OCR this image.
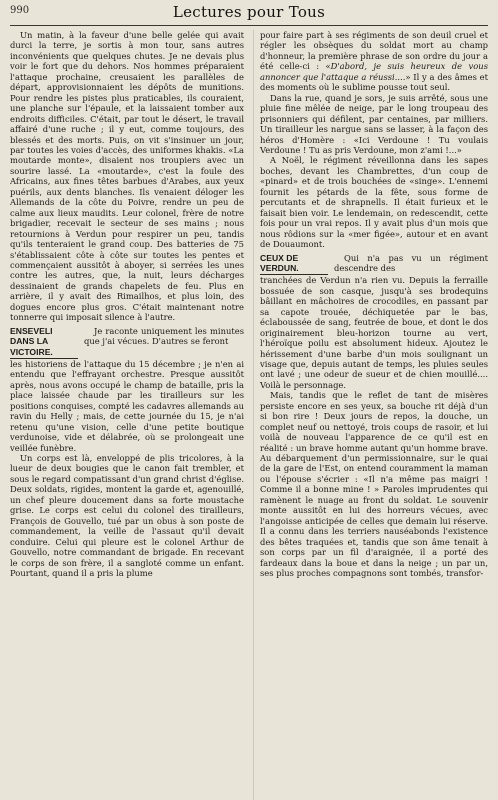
990	Lectures pour Tous

Un matin, à la faveur d'une belle gelée qui avait durci la terre, je sortis à mon tour, sans autres inconvénients que quelques chutes. Je ne devais plus voir le fort que du dehors. Nos hommes préparaient l'attaque prochaine, creusaient les parallèles de départ, approvisionnaient les dépôts de munitions. Pour rendre les pistes plus praticables, ils couraient, une planche sur l'épaule, et la laissaient tomber aux endroits difficiles. C'était, par tout le désert, le travail affairé d'une ruche ; il y eut, comme toujours, des blessés et des morts. Puis, on vit s'insinuer un jour, par toutes les voies d'accès, des uniformes khakis. «La moutarde monte», disaient nos troupiers avec un sourire lassé. La «moutarde», c'est la foule des Africains, aux fines têtes barbues d'Arabes, aux yeux puérils, aux dents blanches. Ils venaient déloger les Allemands de la côte du Poivre, rendre un peu de calme aux lieux maudits. Leur colonel, frère de notre brigadier, recevait le secteur de ses mains ; nous retournions à Verdun pour respirer un peu, tandis qu'ils tenteraient le grand coup. Des batteries de 75 s'établissaient côte à côte sur toutes les pentes et commençaient aussitôt à aboyer, si serrées les unes contre les autres, que, la nuit, leurs décharges dessinaient de grands chapelets de feu. Plus en arrière, il y avait des Rimailhos, et plus loin, des dogues encore plus gros. C'était maintenant notre tonnerre qui imposait silence à l'autre.

ENSEVELI DANS LA VICTOIRE.

Je raconte uniquement les minutes que j'ai vécues. D'autres se feront

les historiens de l'attaque du 15 décembre ; je n'en ai entendu que l'effrayant orchestre. Presque aussitôt après, nous avons occupé le champ de bataille, pris la place laissée chaude par les tirailleurs sur les positions conquises, compté les cadavres allemands au ravin du Helly ; mais, de cette journée du 15, je n'ai retenu qu'une vision, celle d'une petite boutique verdunoise, vide et délabrée, où se prolongeait une veillée funèbre.

Un corps est là, enveloppé de plis tricolores, à la lueur de deux bougies que le canon fait trembler, et sous le regard compatissant d'un grand christ d'église. Deux soldats, rigides, montent la garde et, agenouillé, un chef pleure doucement dans sa forte moustache grise. Le corps est celui du colonel des tirailleurs, François de Gouvello, tué par un obus à son poste de commandement, la veille de l'assaut qu'il devait conduire. Celui qui pleure est le colonel Arthur de Gouvello, notre commandant de brigade. En recevant le corps de son frère, il a sangloté comme un enfant. Pourtant, quand il a pris la plume

pour faire part à ses régiments de son deuil cruel et régler les obsèques du soldat mort au champ d'honneur, la première phrase de son ordre du jour a été celle-ci : «D'abord, je suis heureux de vous annoncer que l'attaque a réussi....» Il y a des âmes et des moments où le sublime pousse tout seul.

Dans la rue, quand je sors, je suis arrêté, sous une pluie fine mêlée de neige, par le long troupeau des prisonniers qui défilent, par centaines, par milliers. Un tirailleur les nargue sans se lasser, à la façon des héros d'Homère : «Ici Verdoune ! Tu voulais Verdoune ! Tu as pris Verdoune, mon z'ami !...»

A Noël, le régiment réveillonna dans les sapes boches, devant les Chambrettes, d'un coup de «pinard» et de trois bouchées de «singe». L'ennemi fournit les pétards de la fête, sous forme de percutants et de shrapnells. Il était furieux et le faisait bien voir. Le lendemain, on redescendit, cette fois pour un vrai repos. Il y avait plus d'un mois que nous rôdions sur la «mer figée», autour et en avant de Douaumont.

CEUX DE VERDUN.

Qui n'a pas vu un régiment descendre des

tranchées de Verdun n'a rien vu. Depuis la ferraille bossuée de son casque, jusqu'à ses brodequins bâillant en mâchoires de crocodiles, en passant par sa capote trouée, déchiquetée par le bas, éclaboussée de sang, feutrée de boue, et dont le dos originairement bleu-horizon tourne au vert, l'héroïque poilu est absolument hideux. Ajoutez le hérissement d'une barbe d'un mois soulignant un visage que, depuis autant de temps, les pluies seules ont lavé ; une odeur de sueur et de chien mouillé.... Voilà le personnage.

Mais, tandis que le reflet de tant de misères persiste encore en ses yeux, sa bouche rit déjà d'un si bon rire ! Deux jours de repos, la douche, un complet neuf ou nettoyé, trois coups de rasoir, et lui voilà de nouveau l'apparence de ce qu'il est en réalité : un brave homme autant qu'un homme brave. Au débarquement d'un permissionnaire, sur le quai de la gare de l'Est, on entend couramment la maman ou l'épouse s'écrier : «Il n'a même pas maigri ! Comme il a bonne mine ! » Paroles imprudentes qui ramènent le nuage au front du soldat. Le souvenir monte aussitôt en lui des horreurs vécues, avec l'angoisse anticipée de celles que demain lui réserve. Il a connu dans les terriers nauséabonds l'existence des bêtes traquées et, tandis que son âme tenait à son corps par un fil d'araignée, il a porté des fardeaux dans la boue et dans la neige ; un par un, ses plus proches compagnons sont tombés, transfor-
